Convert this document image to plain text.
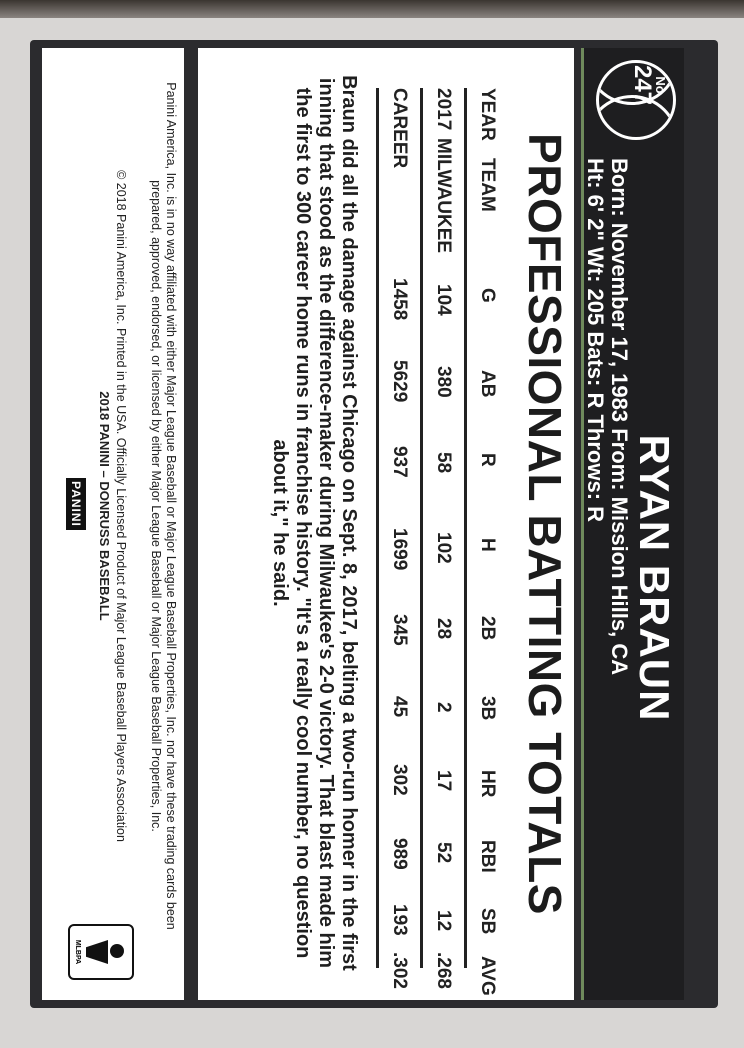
No
247
RYAN BRAUN
Born: November 17, 1983 From: Mission Hills, CA
Ht: 6' 2" Wt: 205 Bats: R Throws: R
PROFESSIONAL BATTING TOTALS
YEAR
TEAM
G
AB
R
H
2B
3B
HR
RBI
SB
AVG
2017
MILWAUKEE
104
380
58
102
28
2
17
52
12
.268
CAREER
1458
5629
937
1699
345
45
302
989
193
.302
Braun did all the damage against Chicago on Sept. 8, 2017, belting a two-run homer in the first inning that stood as the difference-maker during Milwaukee's 2-0 victory. That blast made him the first to 300 career home runs in franchise history. "It's a really cool number, no question about it," he said.
Panini America, Inc. is in no way affiliated with either Major League Baseball or Major League Baseball Properties, Inc. nor have these trading cards been prepared, approved, endorsed, or licensed by either Major League Baseball or Major League Baseball Properties, Inc.
© 2018 Panini America, Inc. Printed in the USA. Officially Licensed Product of Major League Baseball Players Association
2018 PANINI – DONRUSS BASEBALL
PANINI
MLBPA
